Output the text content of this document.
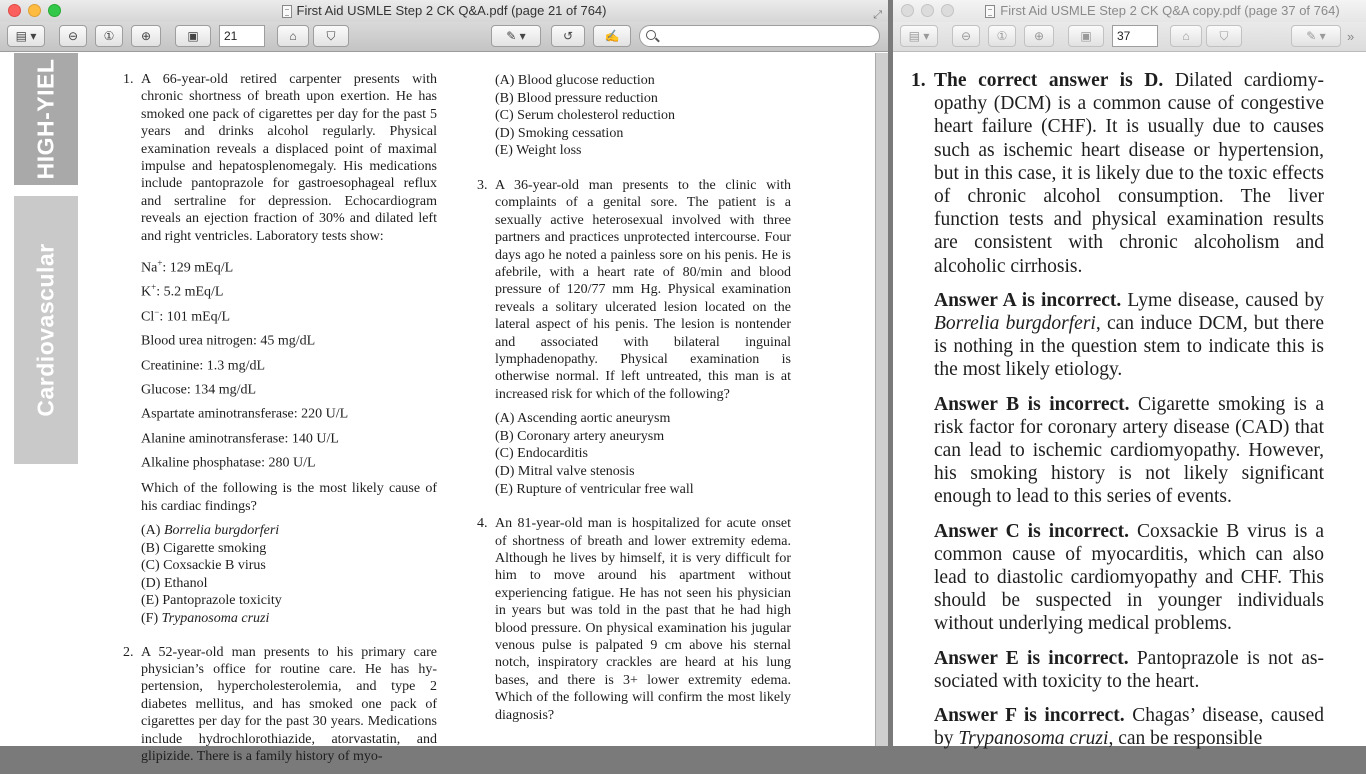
First Aid USMLE Step 2 CK Q&A.pdf (page 21 of 764)	⤢
▤ ▾	⊖	①	⊕	▣	21	⌂	⛉	✎ ▾	↺	✍
HIGH-YIEL
Cardiovascular
1. A 66-year-old retired carpenter presents with chronic shortness of breath upon exertion. He has smoked one pack of cigarettes per day for the past 5 years and drinks alcohol regularly. Physical examination reveals a displaced point of maximal impulse and hepatosplenomegaly. His medications include pantoprazole for gastroesophageal reflux and sertraline for depression. Echocardiogram reveals an ejection fraction of 30% and dilated left and right ventricles. Laboratory tests show:
Na+: 129 mEq/L
K+: 5.2 mEq/L
Cl−: 101 mEq/L
Blood urea nitrogen: 45 mg/dL
Creatinine: 1.3 mg/dL
Glucose: 134 mg/dL
Aspartate aminotransferase: 220 U/L
Alanine aminotransferase: 140 U/L
Alkaline phosphatase: 280 U/L
Which of the following is the most likely cause of his cardiac findings?
(A) Borrelia burgdorferi
(B) Cigarette smoking
(C) Coxsackie B virus
(D) Ethanol
(E) Pantoprazole toxicity
(F) Trypanosoma cruzi
2. A 52-year-old man presents to his primary care physician’s office for routine care. He has hypertension, hypercholesterolemia, and type 2 diabetes mellitus, and has smoked one pack of cigarettes per day for the past 30 years. Medications include hydrochlorothiazide, atorvastatin, and glipizide. There is a family history of myo-
(A) Blood glucose reduction
(B) Blood pressure reduction
(C) Serum cholesterol reduction
(D) Smoking cessation
(E) Weight loss
3. A 36-year-old man presents to the clinic with complaints of a genital sore. The patient is a sexually active heterosexual involved with three partners and practices unprotected intercourse. Four days ago he noted a painless sore on his penis. He is afebrile, with a heart rate of 80/min and blood pressure of 120/77 mm Hg. Physical examination reveals a solitary ulcerated lesion located on the lateral aspect of his penis. The lesion is nontender and associated with bilateral inguinal lymphadenopathy. Physical examination is otherwise normal. If left untreated, this man is at increased risk for which of the following?
(A) Ascending aortic aneurysm
(B) Coronary artery aneurysm
(C) Endocarditis
(D) Mitral valve stenosis
(E) Rupture of ventricular free wall
4. An 81-year-old man is hospitalized for acute onset of shortness of breath and lower extremity edema. Although he lives by himself, it is very difficult for him to move around his apartment without experiencing fatigue. He has not seen his physician in years but was told in the past that he had high blood pressure. On physical examination his jugular venous pulse is palpated 9 cm above his sternal notch, inspiratory crackles are heard at his lung bases, and there is 3+ lower extremity edema. Which of the following will confirm the most likely diagnosis?
First Aid USMLE Step 2 CK Q&A copy.pdf (page 37 of 764)
▤ ▾	⊖	①	⊕	▣	37	⌂	⛉	✎ ▾	»
1. The correct answer is D. Dilated cardiomyopathy (DCM) is a common cause of congestive heart failure (CHF). It is usually due to causes such as ischemic heart disease or hypertension, but in this case, it is likely due to the toxic effects of chronic alcohol consumption. The liver function tests and physical examination results are consistent with chronic alcoholism and alcoholic cirrhosis.
Answer A is incorrect. Lyme disease, caused by Borrelia burgdorferi, can induce DCM, but there is nothing in the question stem to indicate this is the most likely etiology.
Answer B is incorrect. Cigarette smoking is a risk factor for coronary artery disease (CAD) that can lead to ischemic cardiomyopathy. However, his smoking history is not likely significant enough to lead to this series of events.
Answer C is incorrect. Coxsackie B virus is a common cause of myocarditis, which can also lead to diastolic cardiomyopathy and CHF. This should be suspected in younger individuals without underlying medical problems.
Answer E is incorrect. Pantoprazole is not associated with toxicity to the heart.
Answer F is incorrect. Chagas’ disease, caused by Trypanosoma cruzi, can be responsible
